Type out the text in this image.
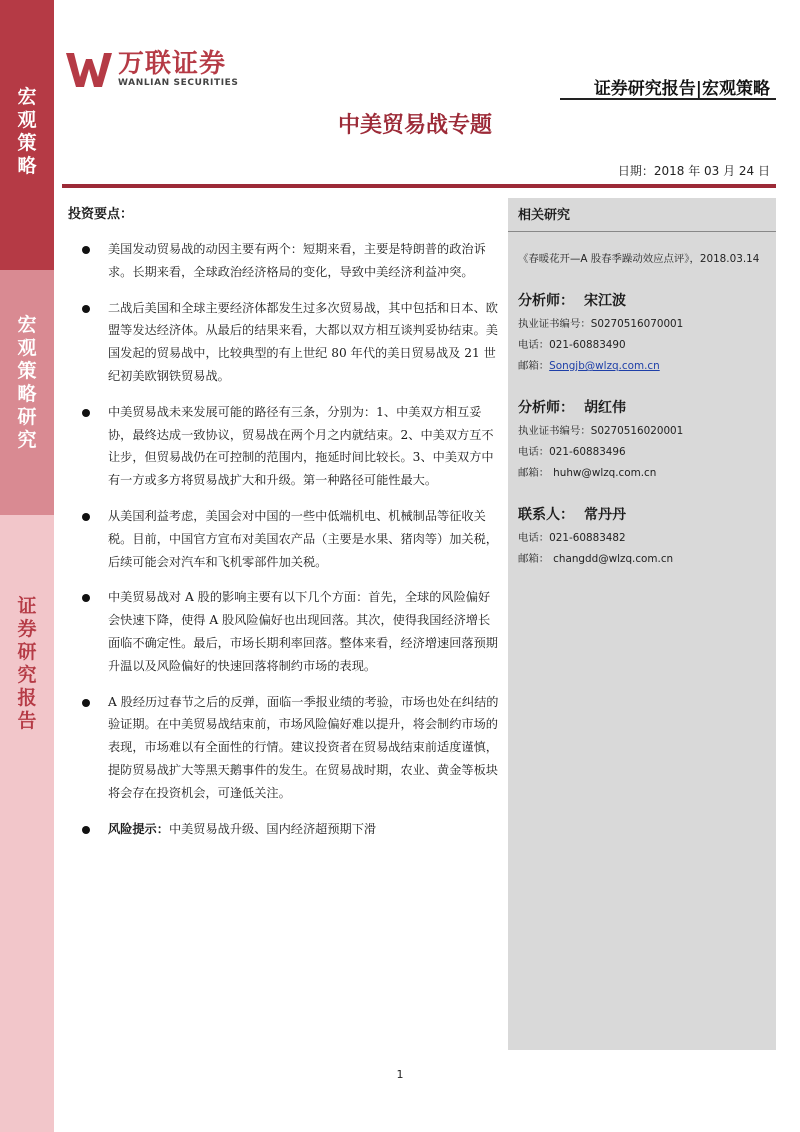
宏观策略
宏观策略研究
证券研究报告
万联证券
WANLIAN SECURITIES	证券研究报告|宏观策略
中美贸易战专题
日期：2018 年 03 月 24 日
投资要点：
美国发动贸易战的动因主要有两个：短期来看，主要是特朗普的政治诉求。长期来看，全球政治经济格局的变化，导致中美经济利益冲突。
二战后美国和全球主要经济体都发生过多次贸易战，其中包括和日本、欧盟等发达经济体。从最后的结果来看，大都以双方相互谈判妥协结束。美国发起的贸易战中，比较典型的有上世纪 80 年代的美日贸易战及 21 世纪初美欧钢铁贸易战。
中美贸易战未来发展可能的路径有三条，分别为：1、中美双方相互妥协，最终达成一致协议，贸易战在两个月之内就结束。2、中美双方互不让步，但贸易战仍在可控制的范围内，拖延时间比较长。3、中美双方中有一方或多方将贸易战扩大和升级。第一种路径可能性最大。
从美国利益考虑，美国会对中国的一些中低端机电、机械制品等征收关税。目前，中国官方宣布对美国农产品（主要是水果、猪肉等）加关税，后续可能会对汽车和飞机零部件加关税。
中美贸易战对 A 股的影响主要有以下几个方面：首先，全球的风险偏好会快速下降，使得 A 股风险偏好也出现回落。其次，使得我国经济增长面临不确定性。最后，市场长期利率回落。整体来看，经济增速回落预期升温以及风险偏好的快速回落将制约市场的表现。
A 股经历过春节之后的反弹，面临一季报业绩的考验，市场也处在纠结的验证期。在中美贸易战结束前，市场风险偏好难以提升，将会制约市场的表现，市场难以有全面性的行情。建议投资者在贸易战结束前适度谨慎，提防贸易战扩大等黑天鹅事件的发生。在贸易战时期，农业、黄金等板块将会存在投资机会，可逢低关注。
风险提示：中美贸易战升级、国内经济超预期下滑
相关研究
《春暖花开—A 股春季躁动效应点评》，2018.03.14
分析师： 宋江波
执业证书编号：S0270516070001
电话：021-60883490
邮箱：Songjb@wlzq.com.cn
分析师： 胡红伟
执业证书编号：S0270516020001
电话：021-60883496
邮箱： huhw@wlzq.com.cn
联系人： 常丹丹
电话：021-60883482
邮箱： changdd@wlzq.com.cn
1
